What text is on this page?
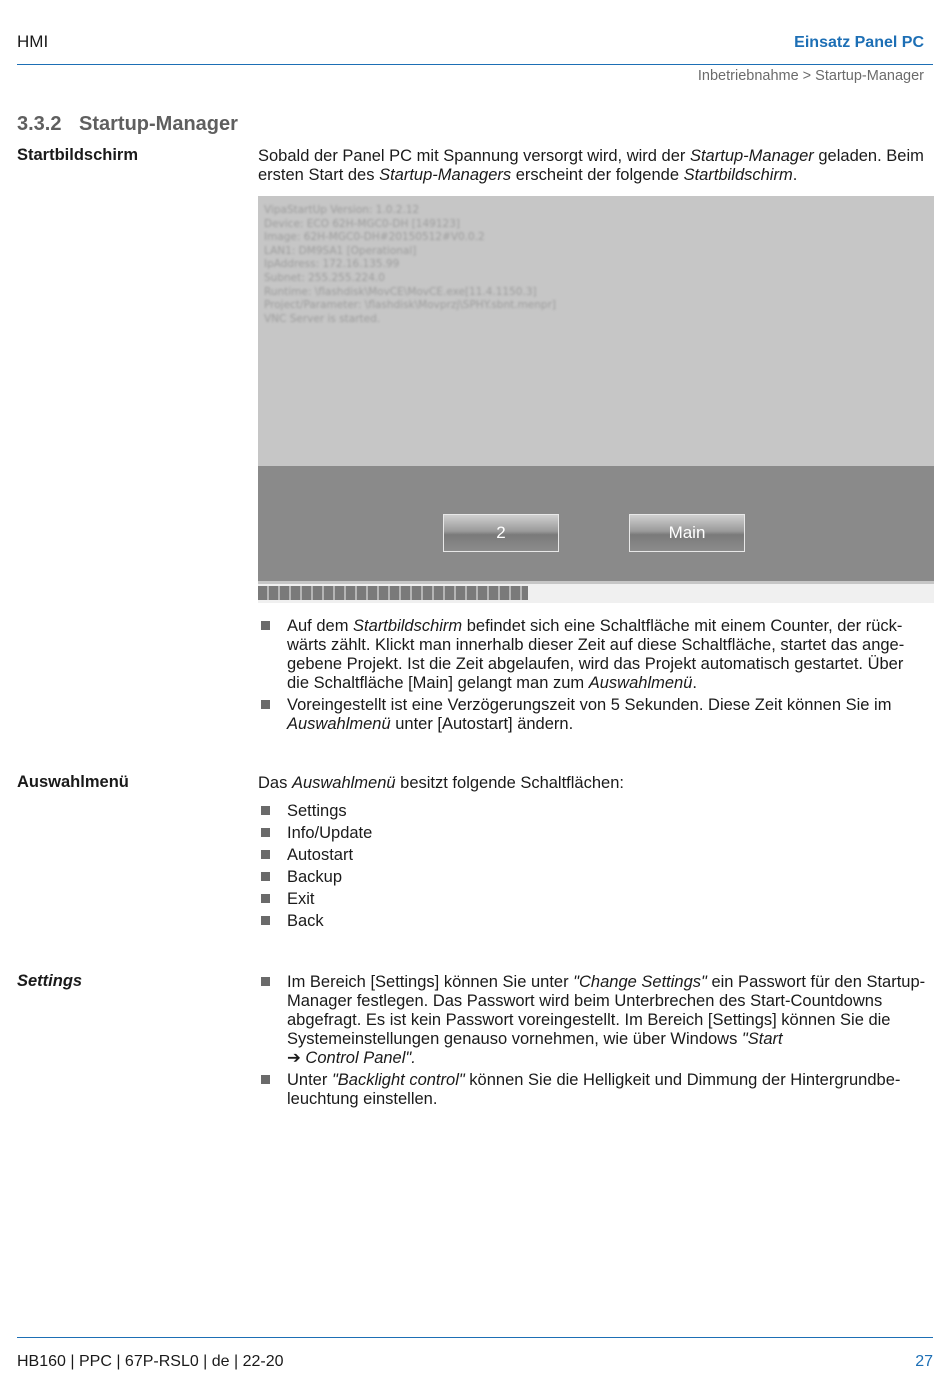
HMI	Einsatz Panel PC
Inbetriebnahme > Startup-Manager
3.3.2 Startup-Manager
Startbildschirm	Sobald der Panel PC mit Spannung versorgt wird, wird der Startup-Manager geladen. Beim ersten Start des Startup-Managers erscheint der folgende Startbildschirm.
VipaStartUp Version: 1.0.2.12
Device: ECO 62H-MGC0-DH [149123]
Image: 62H-MGC0-DH#20150512#V0.0.2
LAN1: DM9SA1 [Operational]
IpAddress: 172.16.135.99
Subnet: 255.255.224.0
Runtime: \flashdisk\MovCE\MovCE.exe[11.4.1150.3]
Project/Parameter: \flashdisk\Movprzj\SPHY.sbnt.menpr]
VNC Server is started.
2	Main
Auf dem Startbildschirm befindet sich eine Schaltfläche mit einem Counter, der rückwärts zählt. Klickt man innerhalb dieser Zeit auf diese Schaltfläche, startet das angegebene Projekt. Ist die Zeit abgelaufen, wird das Projekt automatisch gestartet. Über die Schaltfläche [Main] gelangt man zum Auswahlmenü.
Voreingestellt ist eine Verzögerungszeit von 5 Sekunden. Diese Zeit können Sie im Auswahlmenü unter [Autostart] ändern.
Auswahlmenü	Das Auswahlmenü besitzt folgende Schaltflächen:
Settings
Info/Update
Autostart
Backup
Exit
Back
Settings	Im Bereich [Settings] können Sie unter "Change Settings" ein Passwort für den Startup-Manager festlegen. Das Passwort wird beim Unterbrechen des Start-Countdowns abgefragt. Es ist kein Passwort voreingestellt. Im Bereich [Settings] können Sie die Systemeinstellungen genauso vornehmen, wie über Windows "Start
➔ Control Panel".
Unter "Backlight control" können Sie die Helligkeit und Dimmung der Hintergrundbeleuchtung einstellen.
HB160 | PPC | 67P-RSL0 | de | 22-20	27
